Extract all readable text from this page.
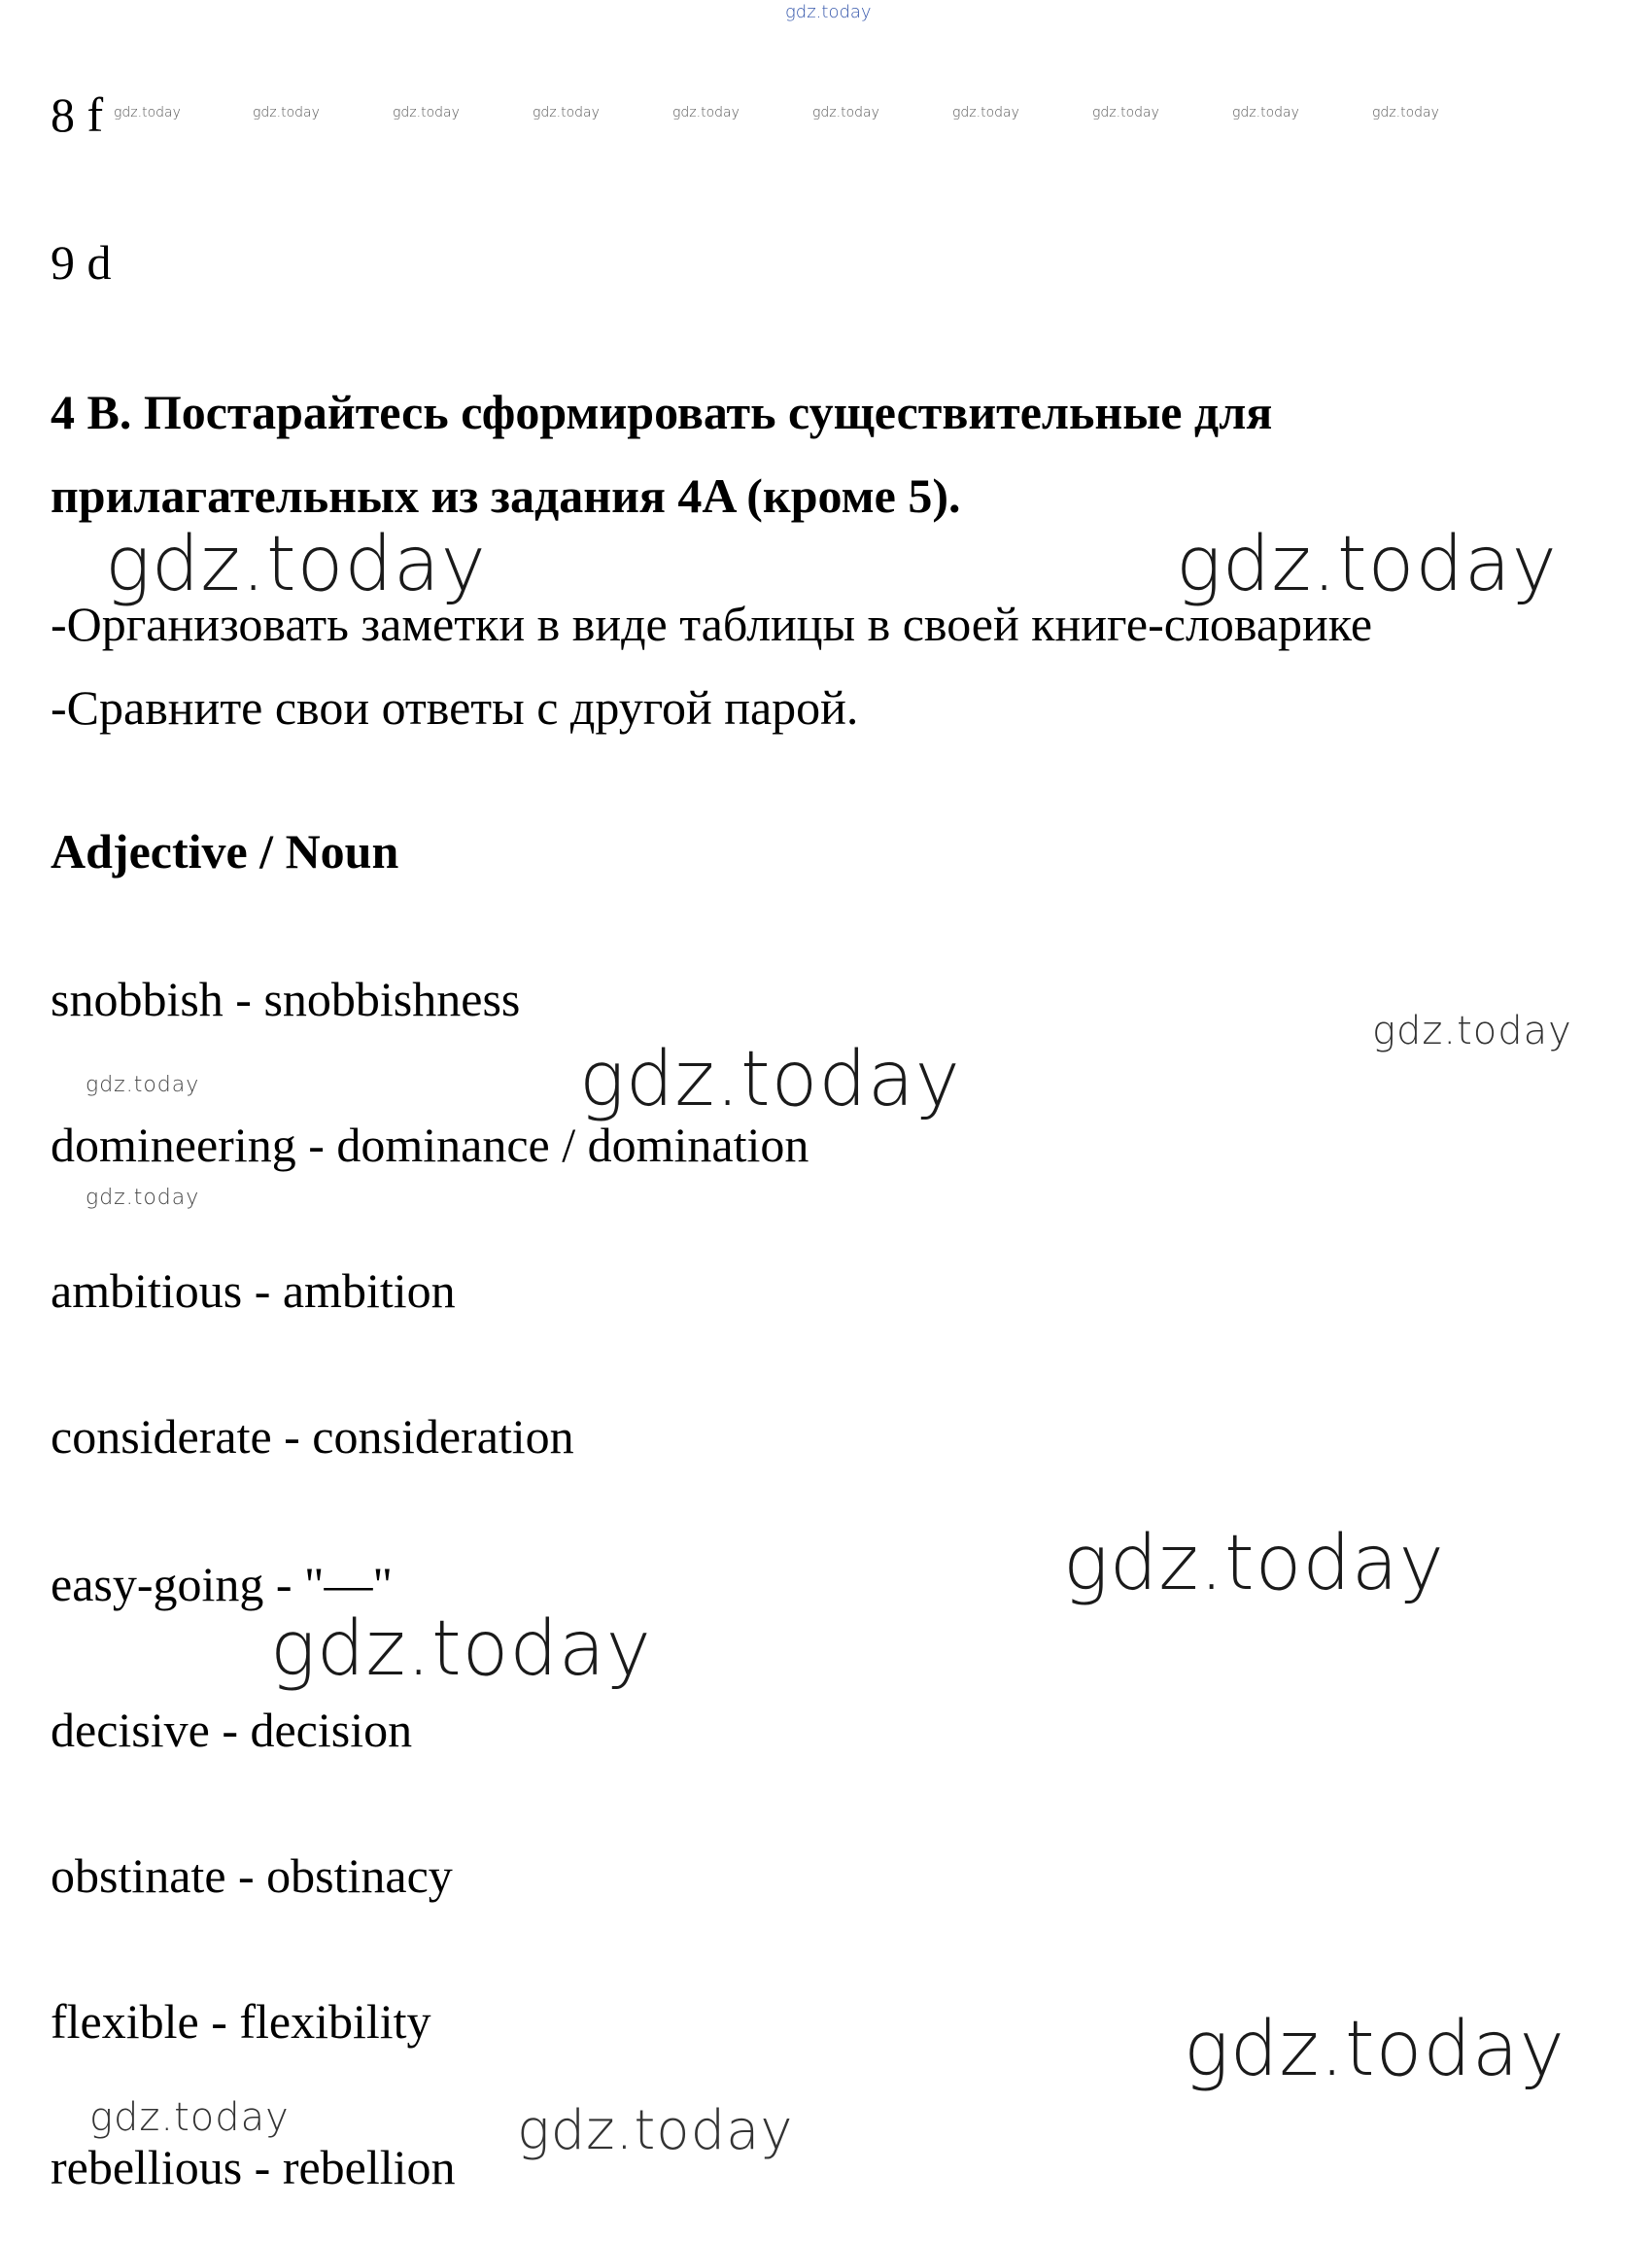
gdz.today
gdz.today	gdz.today	gdz.today	gdz.today	gdz.today	gdz.today	gdz.today	gdz.today	gdz.today	gdz.today
gdz.today	gdz.today
gdz.today
gdz.today	gdz.today
gdz.today
gdz.today
gdz.today
gdz.today
gdz.today	gdz.today
8 f
9 d
4 B. Постарайтесь сформировать существительные для
прилагательных из задания 4A (кроме 5).
-Организовать заметки в виде таблицы в своей книге-словарике
-Сравните свои ответы с другой парой.
Adjective / Noun
snobbish - snobbishness
domineering - dominance / domination
ambitious - ambition
considerate - consideration
easy-going - "—"
decisive - decision
obstinate - obstinacy
flexible - flexibility
rebellious - rebellion
